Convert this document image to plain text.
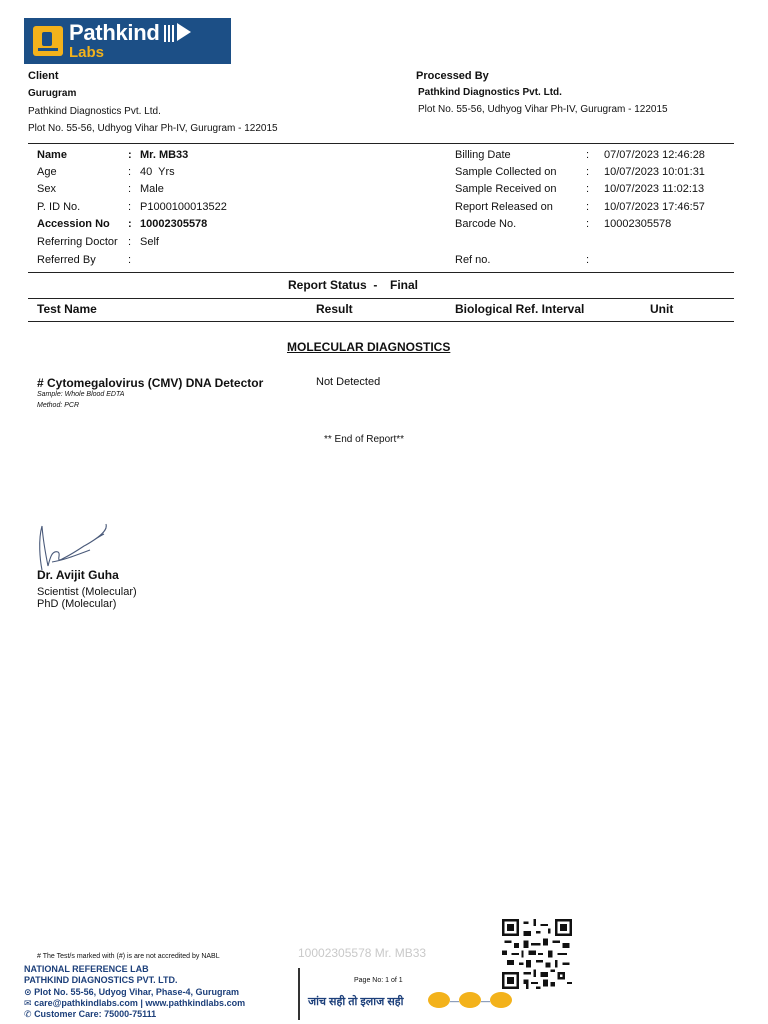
Pathkind
Labs
Client
Gurugram
Pathkind Diagnostics Pvt. Ltd.
Plot No. 55-56, Udhyog Vihar Ph-IV, Gurugram - 122015
Processed By
Pathkind Diagnostics Pvt. Ltd.
Plot No. 55-56, Udhyog Vihar Ph-IV, Gurugram - 122015
Name	: Mr. MB33
Age	: 40  Yrs
Sex	: Male
P. ID No.	: P1000100013522
Accession No : 10002305578
Referring Doctor : Self
Referred By	:
Billing Date	: 07/07/2023 12:46:28
Sample Collected on	: 10/07/2023 10:01:31
Sample Received on	: 10/07/2023 11:02:13
Report Released on	: 10/07/2023 17:46:57
Barcode No.	: 10002305578
Ref no.	:
Report Status  - Final
Test Name	Result	Biological Ref. Interval	Unit
MOLECULAR DIAGNOSTICS
# Cytomegalovirus (CMV) DNA Detector
Sample: Whole Blood EDTA
Method: PCR
Not Detected
** End of Report**
Dr. Avijit Guha
Scientist (Molecular)
PhD (Molecular)
# The Test/s marked with (#) is are not accredited by NABL	10002305578 Mr. MB33
NATIONAL REFERENCE LAB
PATHKIND DIAGNOSTICS PVT. LTD.
⊙ Plot No. 55-56, Udyog Vihar, Phase-4, Gurugram
✉ care@pathkindlabs.com | www.pathkindlabs.com
✆ Customer Care: 75000-75111
Page No: 1 of 1
जांच सही तो इलाज सही	— —
